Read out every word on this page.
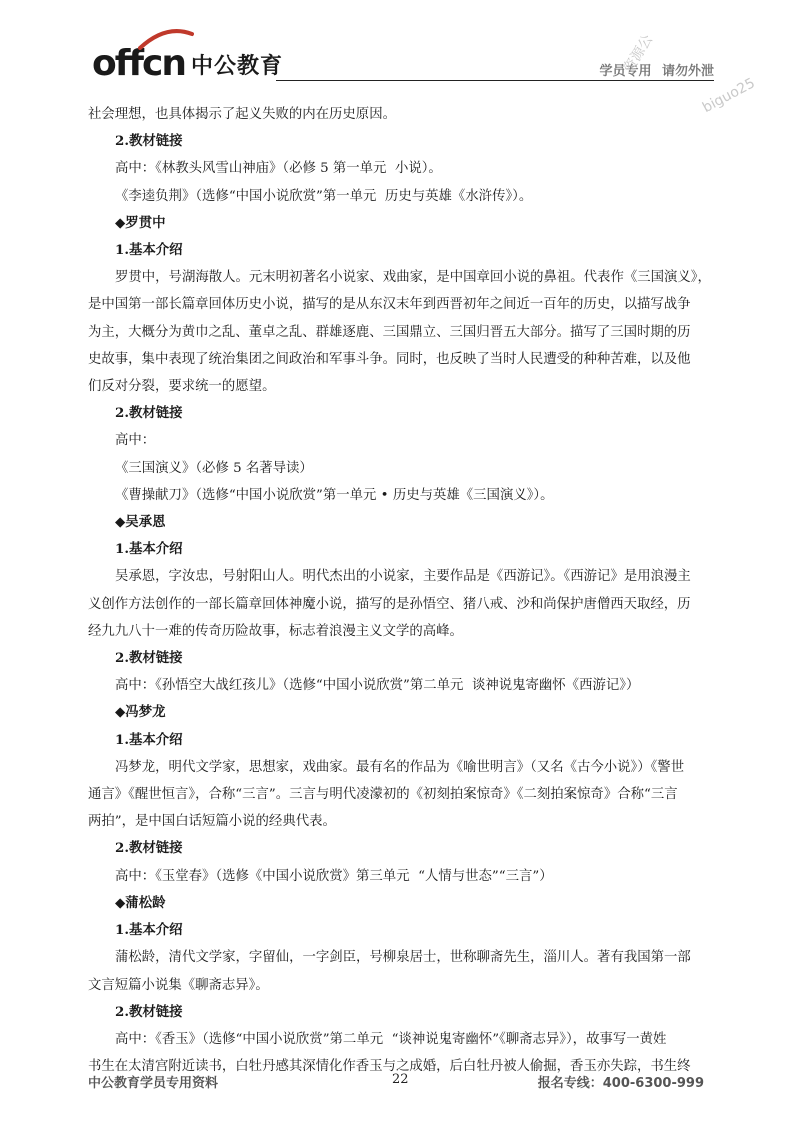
offcn 中公教育	学员专用 请勿外泄
资源公
biguo25

社会理想，也具体揭示了起义失败的内在历史原因。

2.教材链接

高中：《林教头风雪山神庙》（必修 5 第一单元  小说）。

《李逵负荆》（选修“中国小说欣赏”第一单元  历史与英雄《水浒传》）。

◆罗贯中

1.基本介绍

罗贯中，号湖海散人。元末明初著名小说家、戏曲家，是中国章回小说的鼻祖。代表作《三国演义》，

是中国第一部长篇章回体历史小说，描写的是从东汉末年到西晋初年之间近一百年的历史，以描写战争

为主，大概分为黄巾之乱、董卓之乱、群雄逐鹿、三国鼎立、三国归晋五大部分。描写了三国时期的历

史故事，集中表现了统治集团之间政治和军事斗争。同时，也反映了当时人民遭受的种种苦难，以及他

们反对分裂，要求统一的愿望。

2.教材链接

高中：

《三国演义》（必修 5 名著导读）

《曹操献刀》（选修“中国小说欣赏”第一单元 • 历史与英雄《三国演义》）。

◆吴承恩

1.基本介绍

吴承恩，字汝忠，号射阳山人。明代杰出的小说家，主要作品是《西游记》。《西游记》是用浪漫主

义创作方法创作的一部长篇章回体神魔小说，描写的是孙悟空、猪八戒、沙和尚保护唐僧西天取经，历

经九九八十一难的传奇历险故事，标志着浪漫主义文学的高峰。

2.教材链接

高中：《孙悟空大战红孩儿》（选修“中国小说欣赏”第二单元  谈神说鬼寄幽怀《西游记》）

◆冯梦龙

1.基本介绍

冯梦龙，明代文学家，思想家，戏曲家。最有名的作品为《喻世明言》（又名《古今小说》）《警世

通言》《醒世恒言》，合称“三言”。三言与明代凌濛初的《初刻拍案惊奇》《二刻拍案惊奇》合称“三言

两拍”，是中国白话短篇小说的经典代表。

2.教材链接

高中：《玉堂春》（选修《中国小说欣赏》第三单元  “人情与世态”“三言”）

◆蒲松龄

1.基本介绍

蒲松龄，清代文学家，字留仙，一字剑臣，号柳泉居士，世称聊斋先生，淄川人。著有我国第一部

文言短篇小说集《聊斋志异》。

2.教材链接

高中：《香玉》（选修“中国小说欣赏”第二单元  “谈神说鬼寄幽怀”《聊斋志异》），故事写一黄姓

书生在太清宫附近读书，白牡丹感其深情化作香玉与之成婚，后白牡丹被人偷掘，香玉亦失踪，书生终

中公教育学员专用资料	22	报名专线：400-6300-999
